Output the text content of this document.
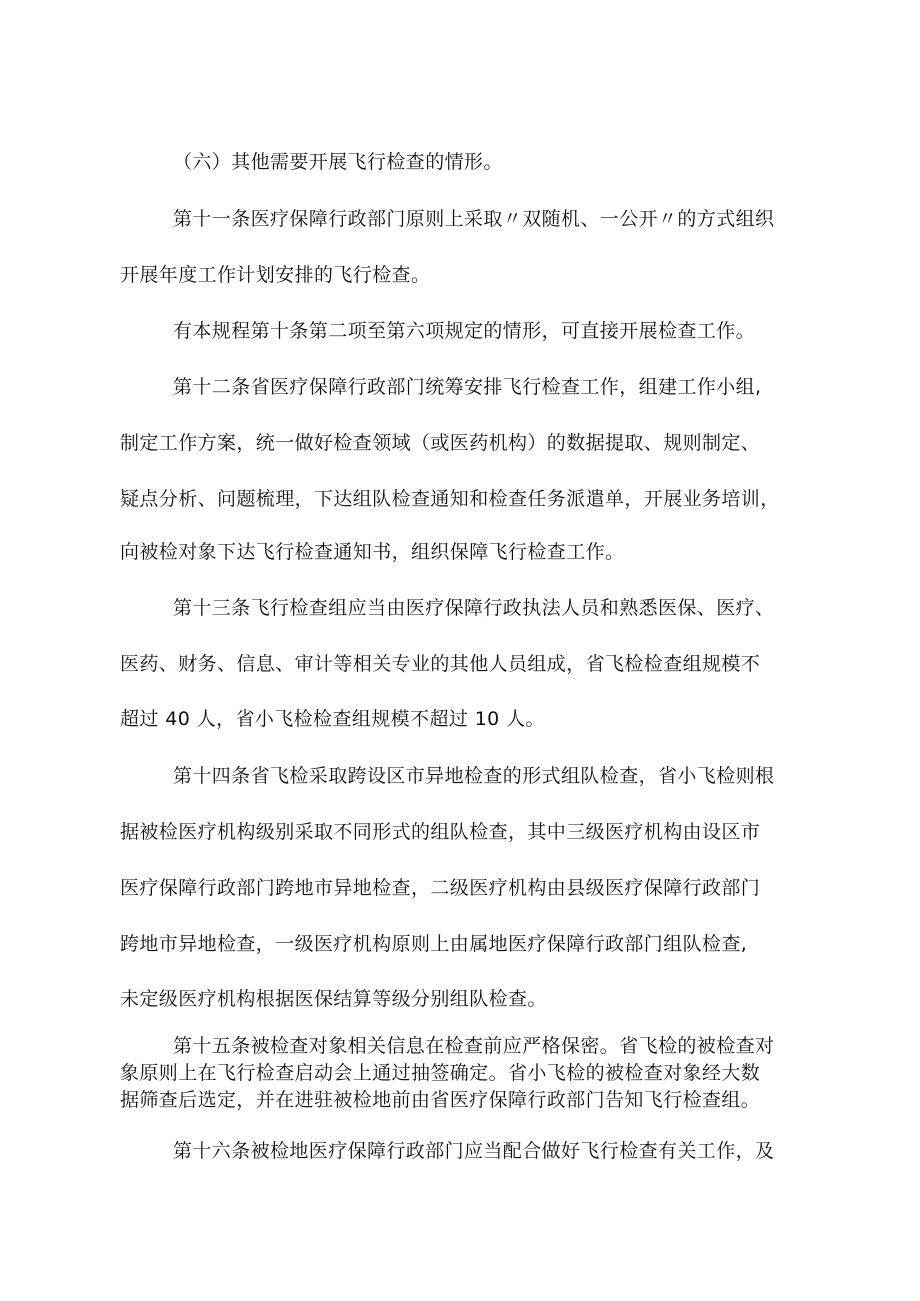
（六）其他需要开展飞行检查的情形。
第十一条医疗保障行政部门原则上采取〃双随机、一公开〃的方式组织
开展年度工作计划安排的飞行检查。
有本规程第十条第二项至第六项规定的情形，可直接开展检查工作。
第十二条省医疗保障行政部门统筹安排飞行检查工作，组建工作小组,
制定工作方案，统一做好检查领域（或医药机构）的数据提取、规则制定、
疑点分析、问题梳理，下达组队检查通知和检查任务派遣单，开展业务培训，
向被检对象下达飞行检查通知书，组织保障飞行检查工作。
第十三条飞行检查组应当由医疗保障行政执法人员和熟悉医保、医疗、
医药、财务、信息、审计等相关专业的其他人员组成，省飞检检查组规模不
超过 40 人，省小飞检检查组规模不超过 10 人。
第十四条省飞检采取跨设区市异地检查的形式组队检查，省小飞检则根
据被检医疗机构级别采取不同形式的组队检查，其中三级医疗机构由设区市
医疗保障行政部门跨地市异地检查，二级医疗机构由县级医疗保障行政部门
跨地市异地检查，一级医疗机构原则上由属地医疗保障行政部门组队检查,
未定级医疗机构根据医保结算等级分别组队检查。
第十五条被检查对象相关信息在检查前应严格保密。省飞检的被检查对
象原则上在飞行检查启动会上通过抽签确定。省小飞检的被检查对象经大数
据筛查后选定，并在进驻被检地前由省医疗保障行政部门告知飞行检查组。
第十六条被检地医疗保障行政部门应当配合做好飞行检查有关工作，及
